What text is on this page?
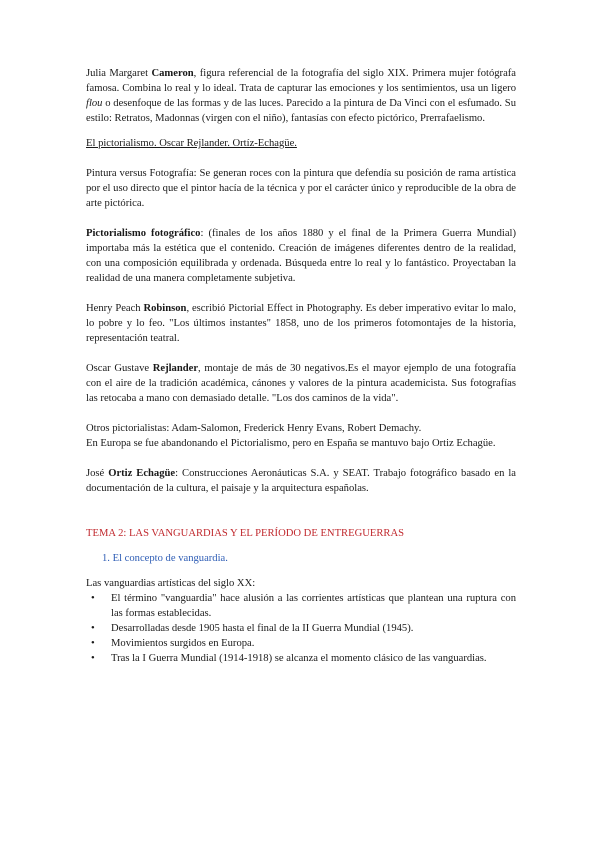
Julia Margaret Cameron, figura referencial de la fotografía del siglo XIX. Primera mujer fotógrafa famosa. Combina lo real y lo ideal. Trata de capturar las emociones y los sentimientos, usa un ligero flou o desenfoque de las formas y de las luces. Parecido a la pintura de Da Vinci con el esfumado. Su estilo: Retratos, Madonnas (virgen con el niño), fantasías con efecto pictórico, Prerrafaelismo.

El pictorialismo. Oscar Rejlander. Ortíz-Echagüe.

Pintura versus Fotografía: Se generan roces con la pintura que defendía su posición de rama artística por el uso directo que el pintor hacía de la técnica y por el carácter único y reproducible de la obra de arte pictórica.

Pictorialismo fotográfico: (finales de los años 1880 y el final de la Primera Guerra Mundial) importaba más la estética que el contenido. Creación de imágenes diferentes dentro de la realidad, con una composición equilibrada y ordenada. Búsqueda entre lo real y lo fantástico. Proyectaban la realidad de una manera completamente subjetiva.

Henry Peach Robinson, escribió Pictorial Effect in Photography. Es deber imperativo evitar lo malo, lo pobre y lo feo. "Los últimos instantes" 1858, uno de los primeros fotomontajes de la historia, representación teatral.

Oscar Gustave Rejlander, montaje de más de 30 negativos.Es el mayor ejemplo de una fotografía con el aire de la tradición académica, cánones y valores de la pintura academicista. Sus fotografías las retocaba a mano con demasiado detalle. "Los dos caminos de la vida".

Otros pictorialistas: Adam-Salomon, Frederick Henry Evans, Robert Demachy.

En Europa se fue abandonando el Pictorialismo, pero en España se mantuvo bajo Ortiz Echagüe.

José Ortiz Echagüe: Construcciones Aeronáuticas S.A. y SEAT. Trabajo fotográfico basado en la documentación de la cultura, el paisaje y la arquitectura españolas.

TEMA 2: LAS VANGUARDIAS Y EL PERÍODO DE ENTREGUERRAS

1. El concepto de vanguardia.

Las vanguardias artísticas del siglo XX:

• El término "vanguardia" hace alusión a las corrientes artísticas que plantean una ruptura con las formas establecidas.
• Desarrolladas desde 1905 hasta el final de la II Guerra Mundial (1945).
• Movimientos surgidos en Europa.
• Tras la I Guerra Mundial (1914-1918) se alcanza el momento clásico de las vanguardias.
